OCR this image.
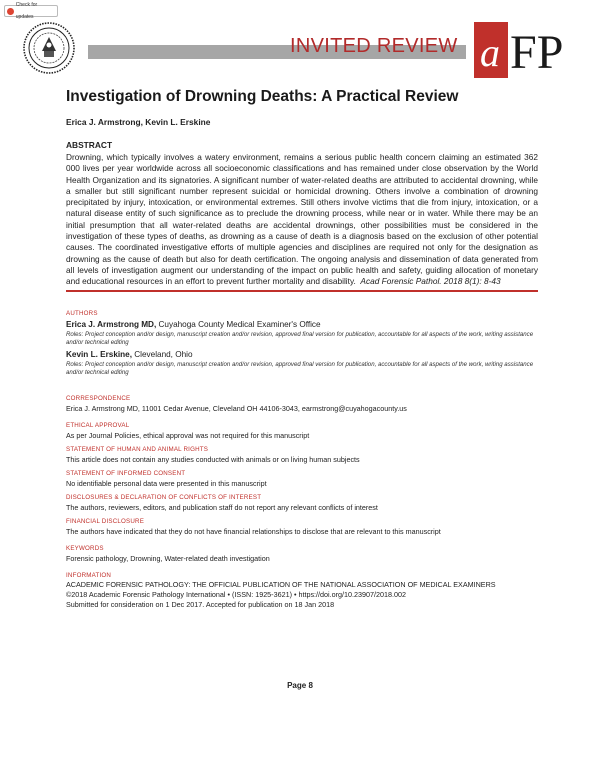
Check for updates
INVITED REVIEW a FP
Investigation of Drowning Deaths: A Practical Review
Erica J. Armstrong, Kevin L. Erskine
ABSTRACT
Drowning, which typically involves a watery environment, remains a serious public health concern claiming an estimated 362 000 lives per year worldwide across all socioeconomic classifications and has remained under close observation by the World Health Organization and its signatories. A significant number of water-related deaths are attributed to accidental drowning, while a smaller but still significant number represent suicidal or homicidal drowning. Others involve a combination of drowning precipitated by injury, intoxication, or environmental extremes. Still others involve victims that die from injury, intoxication, or a natural disease entity of such significance as to preclude the drowning process, while near or in water. While there may be an initial presumption that all water-related deaths are accidental drownings, other possibilities must be considered in the investigation of these types of deaths, as drowning as a cause of death is a diagnosis based on the exclusion of other potential causes. The coordinated investigative efforts of multiple agencies and disciplines are required not only for the designation as drowning as the cause of death but also for death certification. The ongoing analysis and dissemination of data generated from all levels of investigation augment our understanding of the impact on public health and safety, guiding allocation of monetary and educational resources in an effort to prevent further mortality and disability. Acad Forensic Pathol. 2018 8(1): 8-43
AUTHORS
Erica J. Armstrong MD, Cuyahoga County Medical Examiner's Office
Roles: Project conception and/or design, manuscript creation and/or revision, approved final version for publication, accountable for all aspects of the work, writing assistance and/or technical editing
Kevin L. Erskine, Cleveland, Ohio
Roles: Project conception and/or design, manuscript creation and/or revision, approved final version for publication, accountable for all aspects of the work, writing assistance and/or technical editing
CORRESPONDENCE
Erica J. Armstrong MD, 11001 Cedar Avenue, Cleveland OH 44106-3043, earmstrong@cuyahogacounty.us
ETHICAL APPROVAL
As per Journal Policies, ethical approval was not required for this manuscript
STATEMENT OF HUMAN AND ANIMAL RIGHTS
This article does not contain any studies conducted with animals or on living human subjects
STATEMENT OF INFORMED CONSENT
No identifiable personal data were presented in this manuscript
DISCLOSURES & DECLARATION OF CONFLICTS OF INTEREST
The authors, reviewers, editors, and publication staff do not report any relevant conflicts of interest
FINANCIAL DISCLOSURE
The authors have indicated that they do not have financial relationships to disclose that are relevant to this manuscript
KEYWORDS
Forensic pathology, Drowning, Water-related death investigation
INFORMATION
ACADEMIC FORENSIC PATHOLOGY: THE OFFICIAL PUBLICATION OF THE NATIONAL ASSOCIATION OF MEDICAL EXAMINERS
©2018 Academic Forensic Pathology International • (ISSN: 1925-3621) • https://doi.org/10.23907/2018.002
Submitted for consideration on 1 Dec 2017. Accepted for publication on 18 Jan 2018
Page 8
